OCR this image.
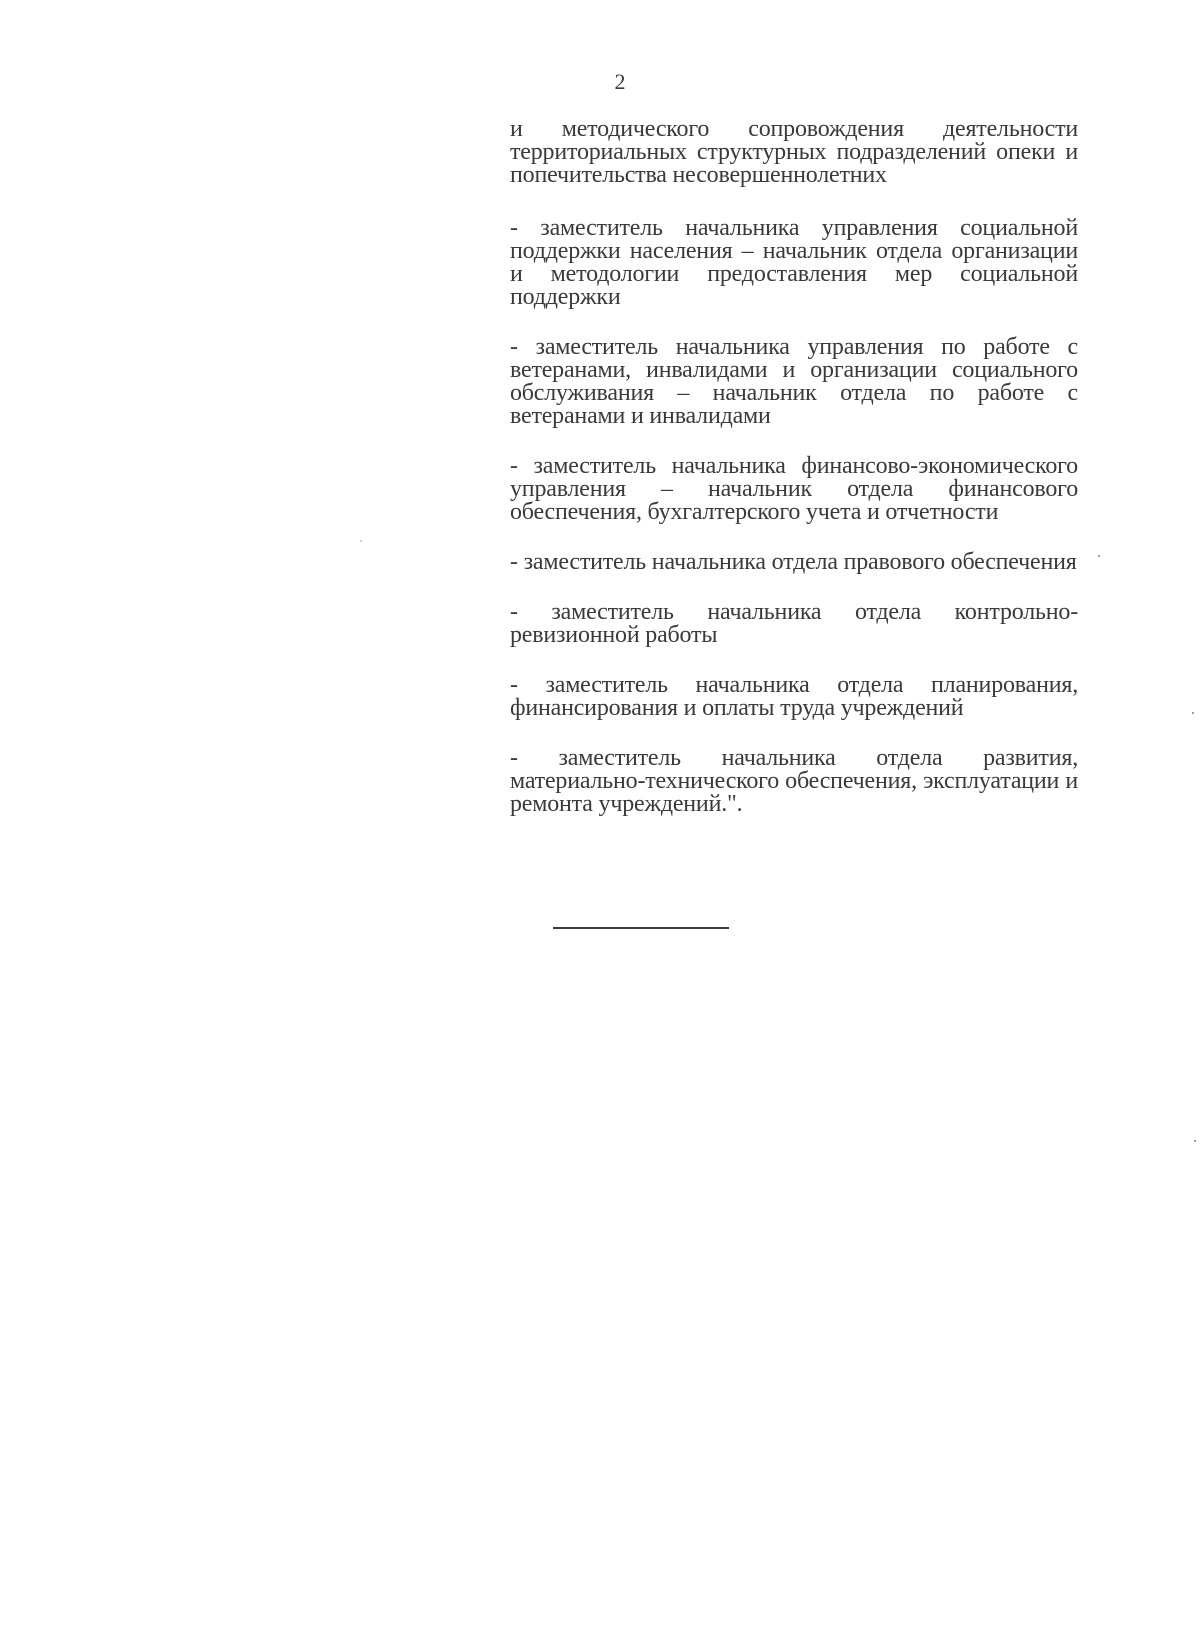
2

и методического сопровождения деятельности территориальных структурных подразделений опеки и попечительства несовершеннолетних

- заместитель начальника управления социальной поддержки населения – начальник отдела организации и методологии предоставления мер социальной поддержки

- заместитель начальника управления по работе с ветеранами, инвалидами и организации социального обслуживания – начальник отдела по работе с ветеранами и инвалидами

- заместитель начальника финансово-экономического управления – начальник отдела финансового обеспечения, бухгалтерского учета и отчетности

- заместитель начальника отдела правового обеспечения

- заместитель начальника отдела контрольно-ревизионной работы

- заместитель начальника отдела планирования, финансирования и оплаты труда учреждений

- заместитель начальника отдела развития, материально-технического обеспечения, эксплуатации и ремонта учреждений.".
